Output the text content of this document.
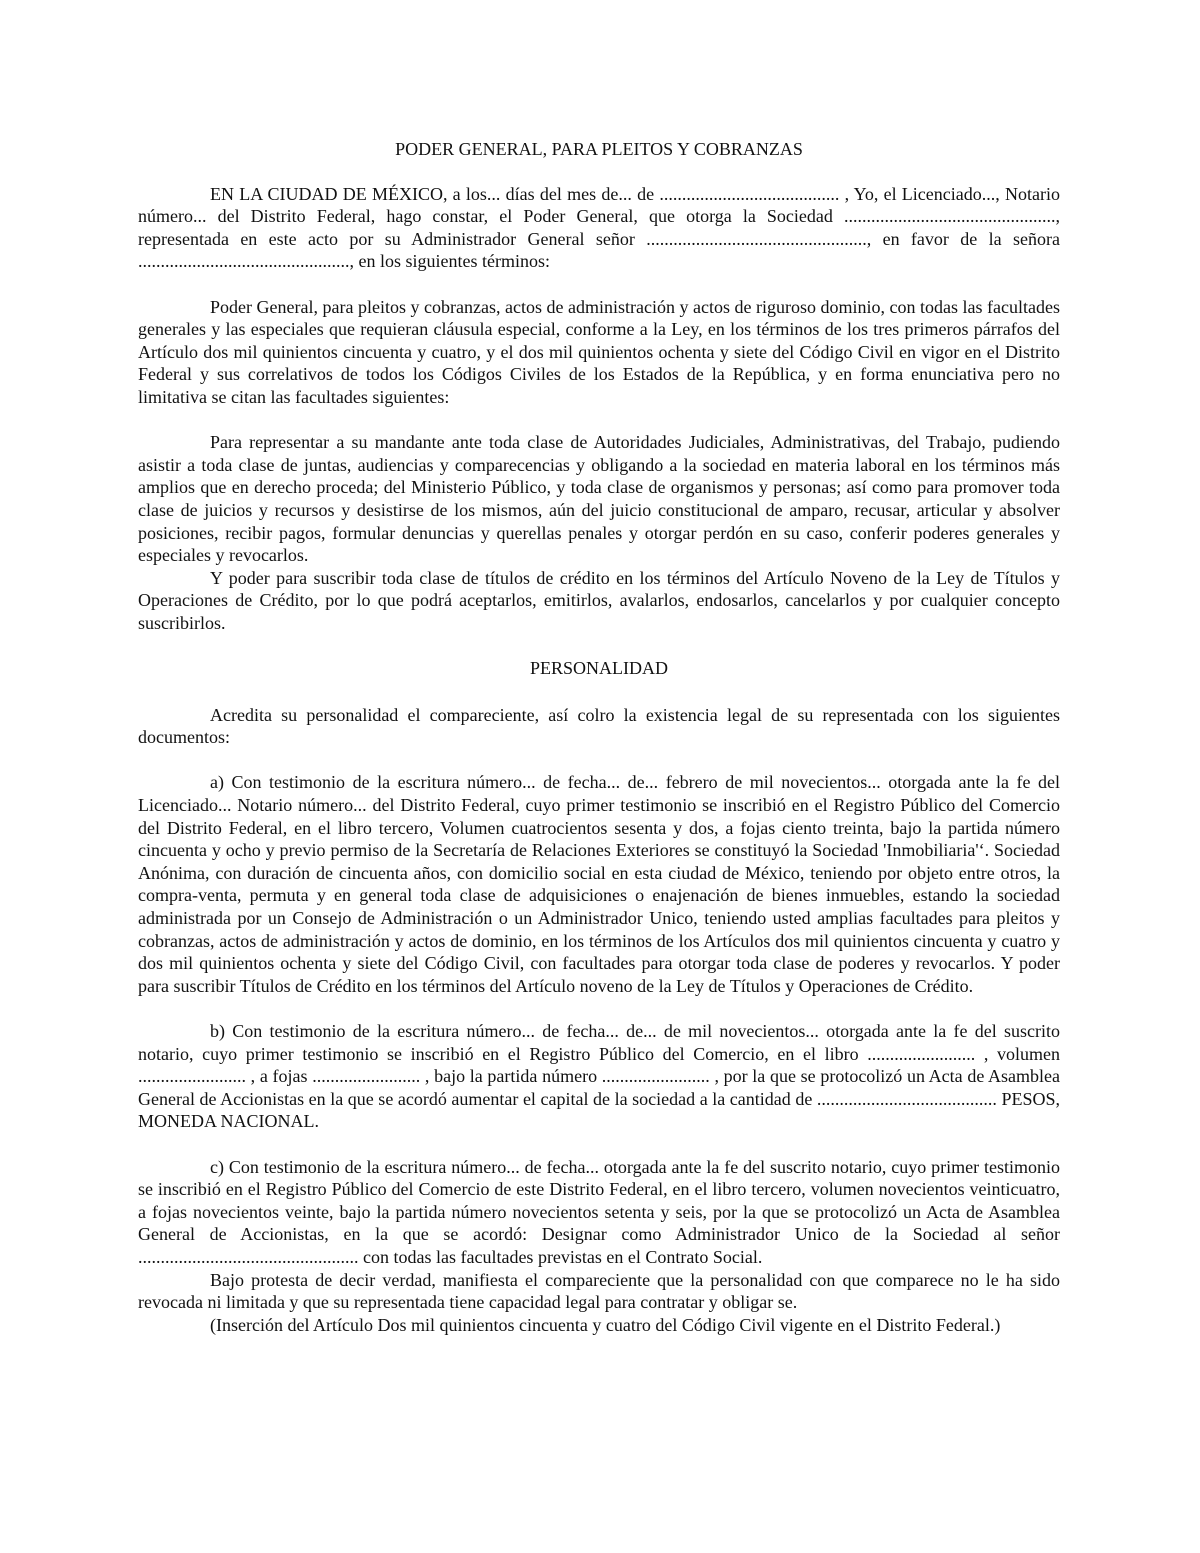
PODER GENERAL, PARA PLEITOS Y COBRANZAS

EN LA CIUDAD DE MÉXICO, a los... días del mes de... de ........................................ , Yo, el Licenciado..., Notario número... del Distrito Federal, hago constar, el Poder General, que otorga la Sociedad ..............................................., representada en este acto por su Administrador General señor ................................................., en favor de la señora ..............................................., en los siguientes términos:

Poder General, para pleitos y cobranzas, actos de administración y actos de riguroso dominio, con todas las facultades generales y las especiales que requieran cláusula especial, conforme a la Ley, en los términos de los tres primeros párrafos del Artículo dos mil quinientos cincuenta y cuatro, y el dos mil quinientos ochenta y siete del Código Civil en vigor en el Distrito Federal y sus correlativos de todos los Códigos Civiles de los Estados de la República, y en forma enunciativa pero no limitativa se citan las facultades siguientes:

Para representar a su mandante ante toda clase de Autoridades Judiciales, Administrativas, del Trabajo, pudiendo asistir a toda clase de juntas, audiencias y comparecencias y obligando a la sociedad en materia laboral en los términos más amplios que en derecho proceda; del Ministerio Público, y toda clase de organismos y personas; así como para promover toda clase de juicios y recursos y desistirse de los mismos, aún del juicio constitucional de amparo, recusar, articular y absolver posiciones, recibir pagos, formular denuncias y querellas penales y otorgar perdón en su caso, conferir poderes generales y especiales y revocarlos.

Y poder para suscribir toda clase de títulos de crédito en los términos del Artículo Noveno de la Ley de Títulos y Operaciones de Crédito, por lo que podrá aceptarlos, emitirlos, avalarlos, endosarlos, cancelarlos y por cualquier concepto suscribirlos.

PERSONALIDAD

Acredita su personalidad el compareciente, así colro la existencia legal de su representada con los siguientes documentos:

a) Con testimonio de la escritura número... de fecha... de... febrero de mil novecientos... otorgada ante la fe del Licenciado... Notario número... del Distrito Federal, cuyo primer testimonio se inscribió en el Registro Público del Comercio del Distrito Federal, en el libro tercero, Volumen cuatrocientos sesenta y dos, a fojas ciento treinta, bajo la partida número cincuenta y ocho y previo permiso de la Secretaría de Relaciones Exteriores se constituyó la Sociedad 'Inmobiliaria'‘. Sociedad Anónima, con duración de cincuenta años, con domicilio social en esta ciudad de México, teniendo por objeto entre otros, la compra-venta, permuta y en general toda clase de adquisiciones o enajenación de bienes inmuebles, estando la sociedad administrada por un Consejo de Administración o un Administrador Unico, teniendo usted amplias facultades para pleitos y cobranzas, actos de administración y actos de dominio, en los términos de los Artículos dos mil quinientos cincuenta y cuatro y dos mil quinientos ochenta y siete del Código Civil, con facultades para otorgar toda clase de poderes y revocarlos. Y poder para suscribir Títulos de Crédito en los términos del Artículo noveno de la Ley de Títulos y Operaciones de Crédito.

b) Con testimonio de la escritura número... de fecha... de... de mil novecientos... otorgada ante la fe del suscrito notario, cuyo primer testimonio se inscribió en el Registro Público del Comercio, en el libro ........................ , volumen ........................ , a fojas ........................ , bajo la partida número ........................ , por la que se protocolizó un Acta de Asamblea General de Accionistas en la que se acordó aumentar el capital de la sociedad a la cantidad de ........................................ PESOS, MONEDA NACIONAL.

c) Con testimonio de la escritura número... de fecha... otorgada ante la fe del suscrito notario, cuyo primer testimonio se inscribió en el Registro Público del Comercio de este Distrito Federal, en el libro tercero, volumen novecientos veinticuatro, a fojas novecientos veinte, bajo la partida número novecientos setenta y seis, por la que se protocolizó un Acta de Asamblea General de Accionistas, en la que se acordó: Designar como Administrador Unico de la Sociedad al señor ................................................. con todas las facultades previstas en el Contrato Social.

Bajo protesta de decir verdad, manifiesta el compareciente que la personalidad con que comparece no le ha sido revocada ni limitada y que su representada tiene capacidad legal para contratar y obligar se.

(Inserción del Artículo Dos mil quinientos cincuenta y cuatro del Código Civil vigente en el Distrito Federal.)
